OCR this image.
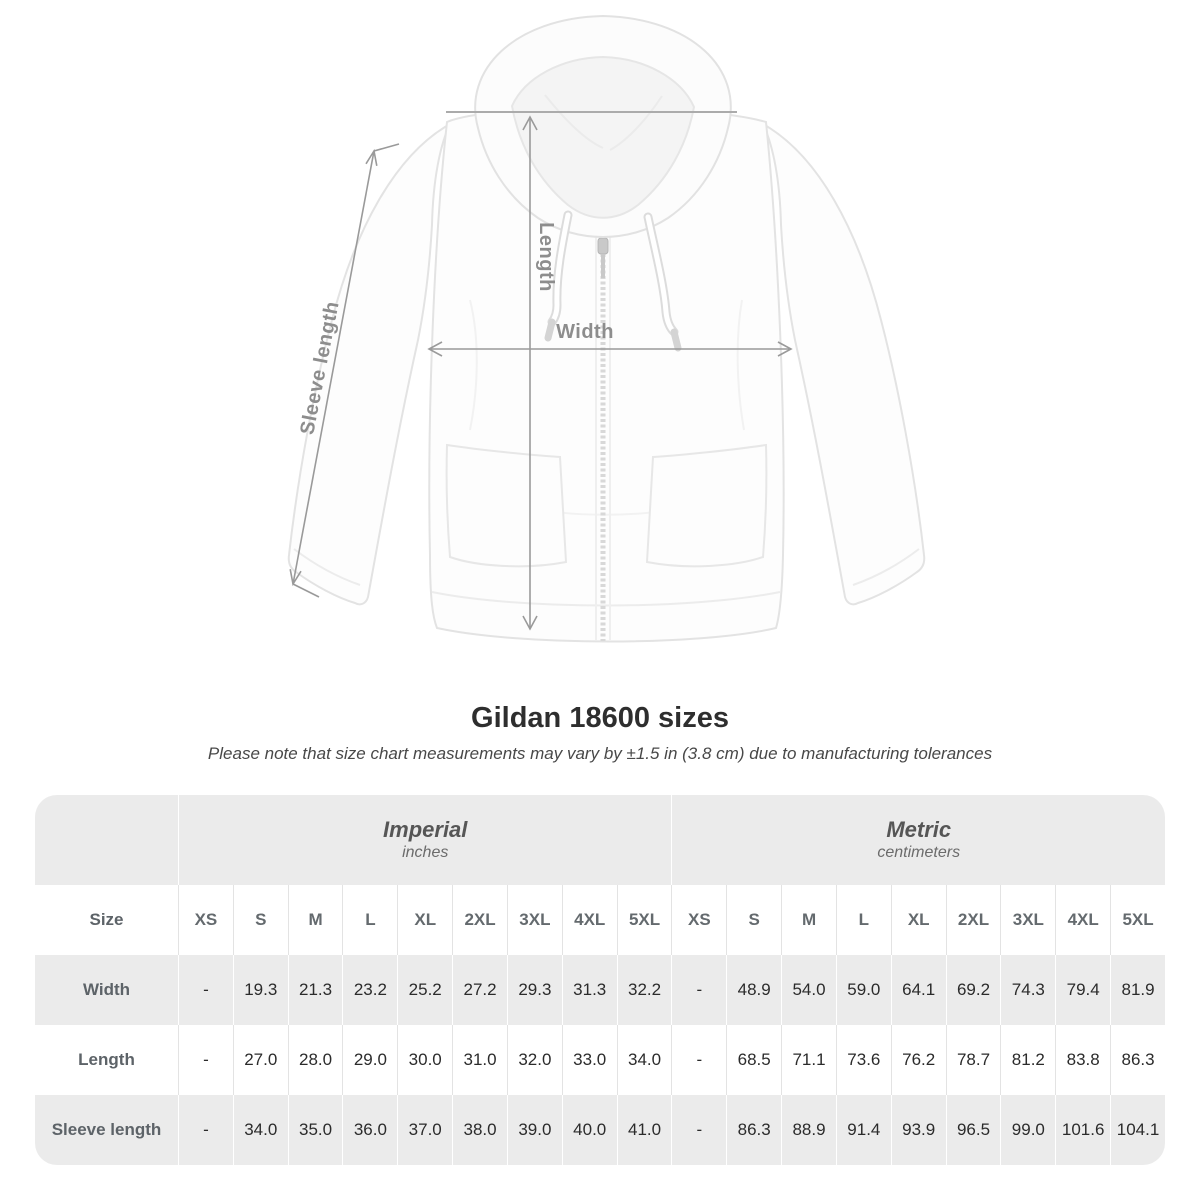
Length
Width
Sleeve length
Gildan 18600 sizes
Please note that size chart measurements may vary by ±1.5 in (3.8 cm) due to manufacturing tolerances

Imperial
inches

Metric
centimeters

Size	XS	S	M	L	XL	2XL	3XL	4XL	5XL	XS	S	M	L	XL	2XL	3XL	4XL	5XL
Width	-	19.3	21.3	23.2	25.2	27.2	29.3	31.3	32.2	-	48.9	54.0	59.0	64.1	69.2	74.3	79.4	81.9
Length	-	27.0	28.0	29.0	30.0	31.0	32.0	33.0	34.0	-	68.5	71.1	73.6	76.2	78.7	81.2	83.8	86.3
Sleeve length	-	34.0	35.0	36.0	37.0	38.0	39.0	40.0	41.0	-	86.3	88.9	91.4	93.9	96.5	99.0	101.6	104.1
